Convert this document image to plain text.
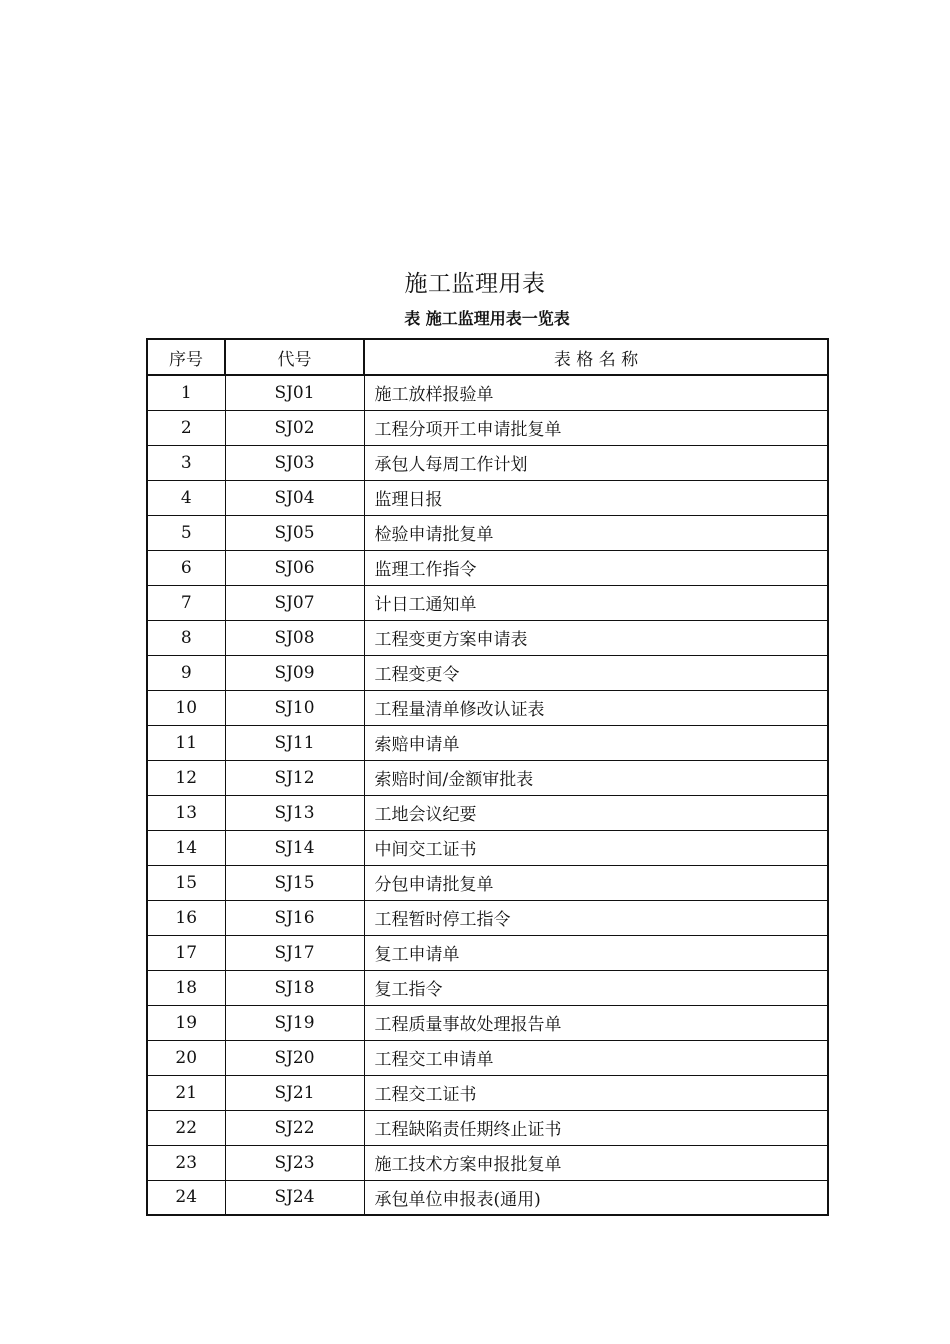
施工监理用表
表 施工监理用表一览表
序号	代号	表 格 名 称
1	SJ01	施工放样报验单
2	SJ02	工程分项开工申请批复单
3	SJ03	承包人每周工作计划
4	SJ04	监理日报
5	SJ05	检验申请批复单
6	SJ06	监理工作指令
7	SJ07	计日工通知单
8	SJ08	工程变更方案申请表
9	SJ09	工程变更令
10	SJ10	工程量清单修改认证表
11	SJ11	索赔申请单
12	SJ12	索赔时间/金额审批表
13	SJ13	工地会议纪要
14	SJ14	中间交工证书
15	SJ15	分包申请批复单
16	SJ16	工程暂时停工指令
17	SJ17	复工申请单
18	SJ18	复工指令
19	SJ19	工程质量事故处理报告单
20	SJ20	工程交工申请单
21	SJ21	工程交工证书
22	SJ22	工程缺陷责任期终止证书
23	SJ23	施工技术方案申报批复单
24	SJ24	承包单位申报表(通用)
